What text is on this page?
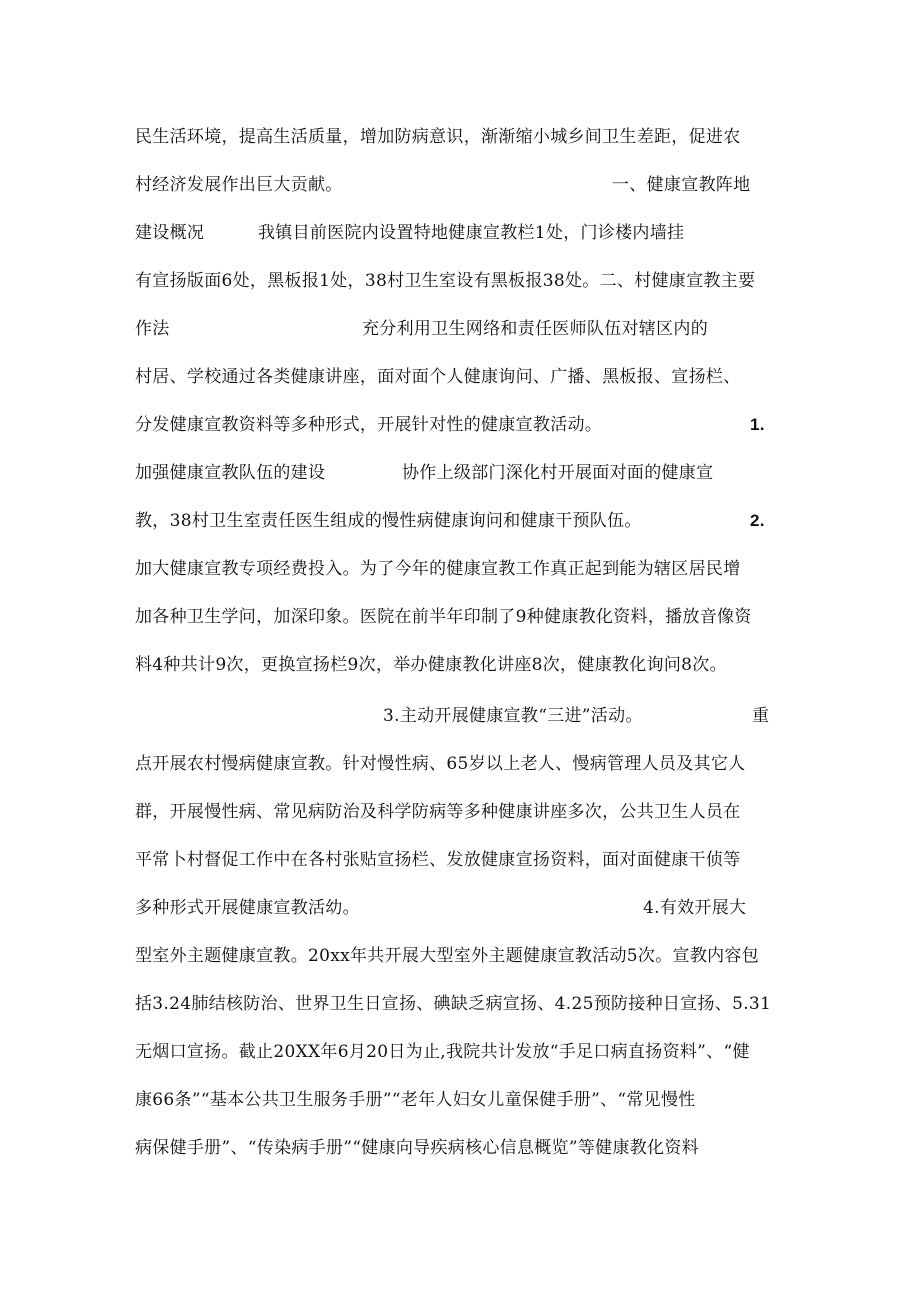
民生活环境，提高生活质量，增加防病意识，渐渐缩小城乡间卫生差距，促进农
村经济发展作出巨大贡献。	一、健康宣教阵地
建设概况	我镇目前医院内设置特地健康宣教栏1处，门诊楼内墙挂
有宣扬版面6处，黑板报1处，38村卫生室设有黑板报38处。二、村健康宣教主要
作法	充分利用卫生网络和责任医师队伍对辖区内的
村居、学校通过各类健康讲座，面对面个人健康询问、广播、黑板报、宣扬栏、
分发健康宣教资料等多种形式，开展针对性的健康宣教活动。	1.
加强健康宣教队伍的建设	协作上级部门深化村开展面对面的健康宣
教，38村卫生室责任医生组成的慢性病健康询问和健康干预队伍。	2.
加大健康宣教专项经费投入。为了今年的健康宣教工作真正起到能为辖区居民增
加各种卫生学问，加深印象。医院在前半年印制了9种健康教化资料，播放音像资
料4种共计9次，更换宣扬栏9次，举办健康教化讲座8次，健康教化询问8次。
3.主动开展健康宣教“三进”活动。	重
点开展农村慢病健康宣教。针对慢性病、65岁以上老人、慢病管理人员及其它人
群，开展慢性病、常见病防治及科学防病等多种健康讲座多次，公共卫生人员在
平常卜村督促工作中在各村张贴宣扬栏、发放健康宣扬资料，面对面健康干侦等
多种形式开展健康宣教活幼。	4.有效开展大
型室外主题健康宣教。20xx年共开展大型室外主题健康宣教活动5次。宣教内容包
括3.24肺结核防治、世界卫生日宣扬、碘缺乏病宣扬、4.25预防接种日宣扬、5.31
无烟口宣扬。截止20XX年6月20日为止,我院共计发放“手足口病直扬资料”、“健
康66条”“基本公共卫生服务手册”“老年人妇女儿童保健手册”、“常见慢性
病保健手册”、“传染病手册”“健康向导疾病核心信息概览”等健康教化资料
